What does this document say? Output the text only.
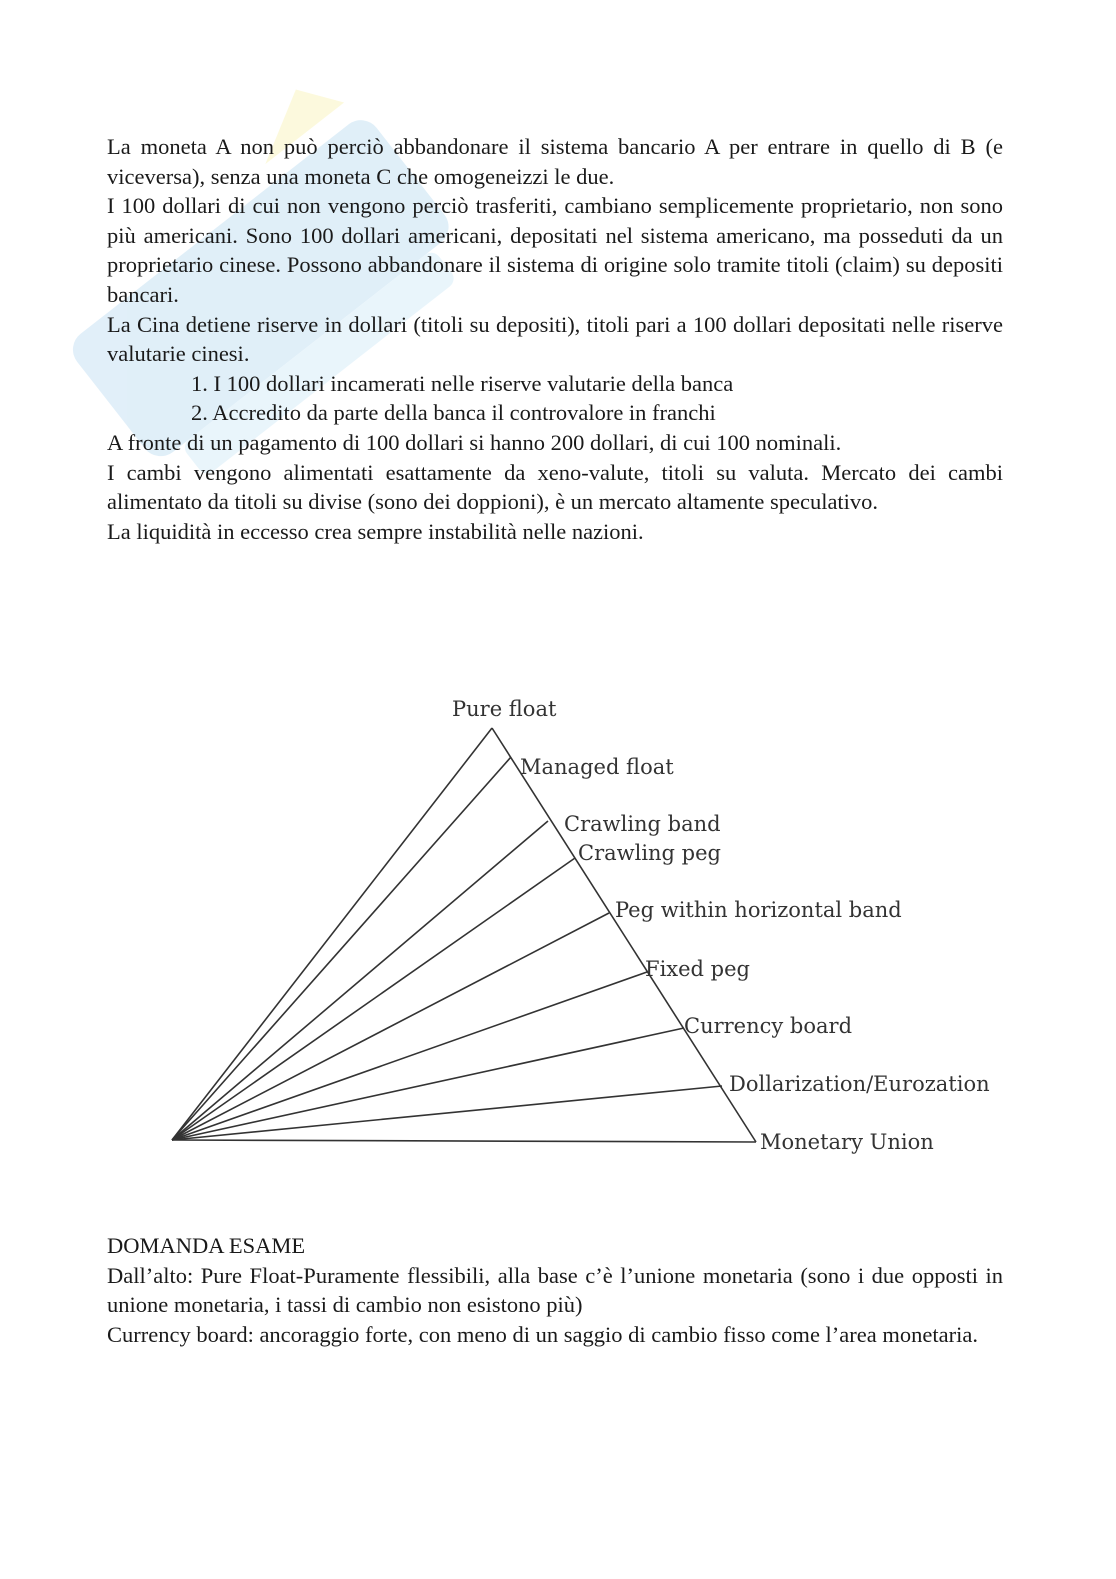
La moneta A non può perciò abbandonare il sistema bancario A per entrare in quello di B (e viceversa), senza una moneta C che omogeneizzi le due.

I 100 dollari di cui non vengono perciò trasferiti, cambiano semplicemente proprietario, non sono più americani. Sono 100 dollari americani, depositati nel sistema americano, ma posseduti da un proprietario cinese. Possono abbandonare il sistema di origine solo tramite titoli (claim) su depositi bancari.

La Cina detiene riserve in dollari (titoli su depositi), titoli pari a 100 dollari depositati nelle riserve valutarie cinesi.

1. I 100 dollari incamerati nelle riserve valutarie della banca

2. Accredito da parte della banca il controvalore in franchi

A fronte di un pagamento di 100 dollari si hanno 200 dollari, di cui 100 nominali.

I cambi vengono alimentati esattamente da xeno-valute, titoli su valuta. Mercato dei cambi alimentato da titoli su divise (sono dei doppioni), è un mercato altamente speculativo.

La liquidità in eccesso crea sempre instabilità nelle nazioni.

Pure float
Managed float
Crawling band
Crawling peg
Peg within horizontal band
Fixed peg
Currency board
Dollarization/Eurozation
Monetary Union

DOMANDA ESAME

Dall’alto: Pure Float-Puramente flessibili, alla base c’è l’unione monetaria (sono i due opposti in unione monetaria, i tassi di cambio non esistono più)

Currency board: ancoraggio forte, con meno di un saggio di cambio fisso come l’area monetaria.
